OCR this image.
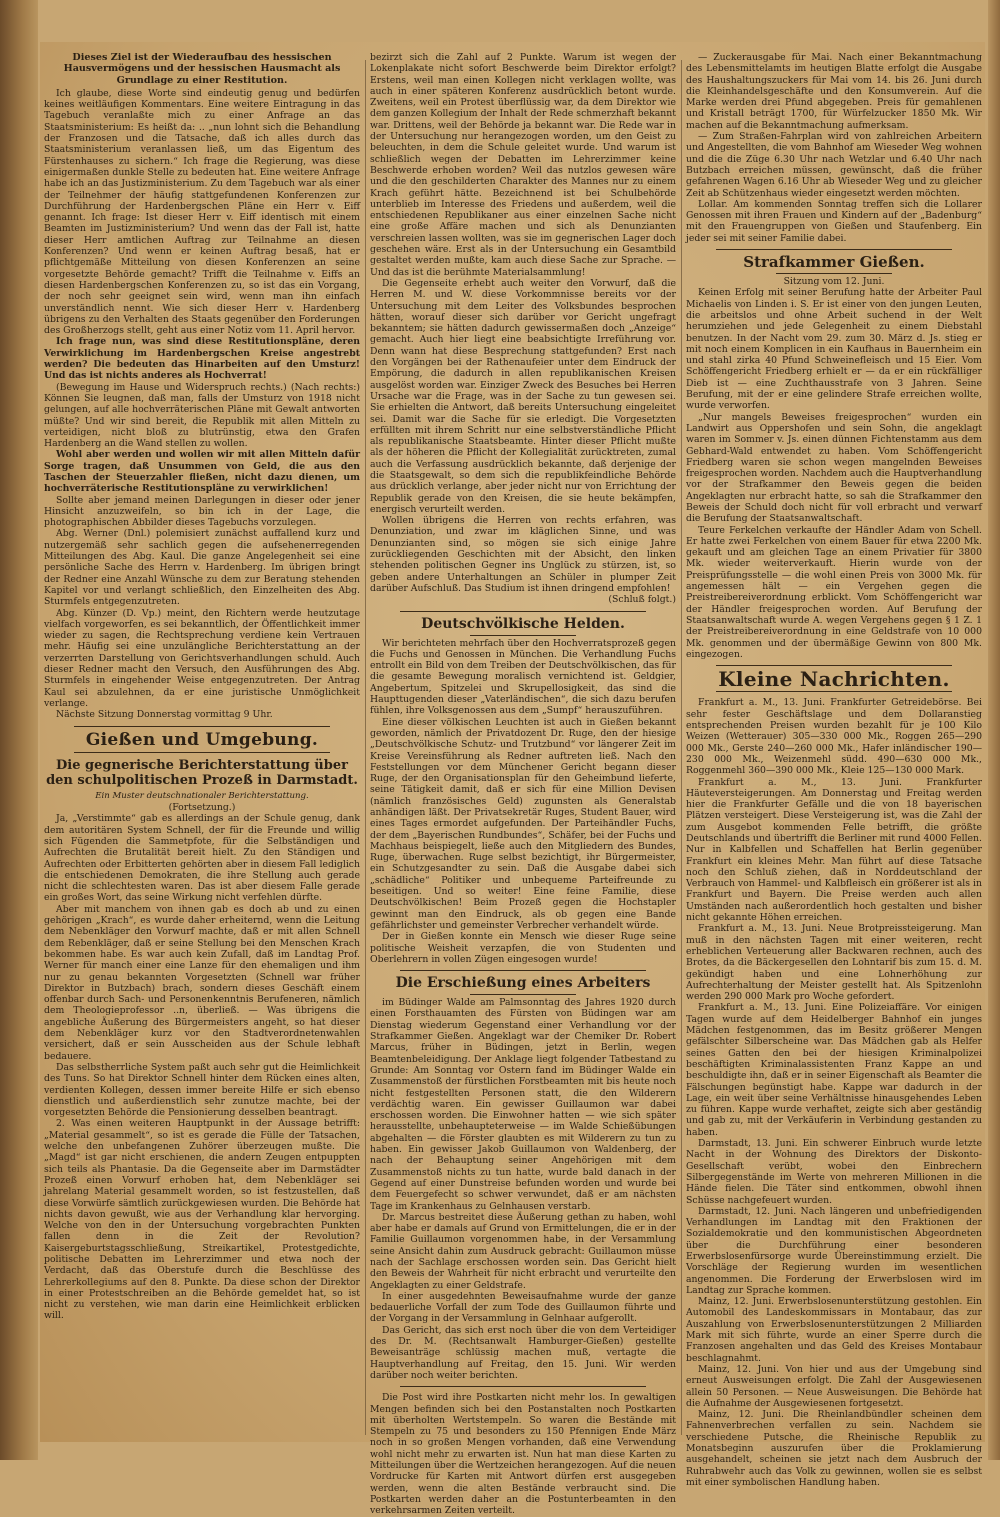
Dieses Ziel ist der Wiederaufbau des hessischen Hausvermögens und der hessischen Hausmacht als Grundlage zu einer Restitution.

Ich glaube, diese Worte sind eindeutig genug und bedürfen keines weitläufigen Kommentars. Eine weitere Eintragung in das Tagebuch veranlaßte mich zu einer Anfrage an das Staatsministerium: Es heißt da: .. „nun lohnt sich die Behandlung der Franzosen und die Tatsache, daß ich alles durch das Staatsministerium veranlassen ließ, um das Eigentum des Fürstenhauses zu sichern.“ Ich frage die Regierung, was diese einigermaßen dunkle Stelle zu bedeuten hat. Eine weitere Anfrage habe ich an das Justizministerium. Zu dem Tagebuch war als einer der Teilnehmer der häufig stattgefundenen Konferenzen zur Durchführung der Hardenbergschen Pläne ein Herr v. Eiff genannt. Ich frage: Ist dieser Herr v. Eiff identisch mit einem Beamten im Justizministerium? Und wenn das der Fall ist, hatte dieser Herr amtlichen Auftrag zur Teilnahme an diesen Konferenzen? Und wenn er keinen Auftrag besaß, hat er pflichtgemäße Mitteilung von diesen Konferenzen an seine vorgesetzte Behörde gemacht? Trifft die Teilnahme v. Eiffs an diesen Hardenbergschen Konferenzen zu, so ist das ein Vorgang, der noch sehr geeignet sein wird, wenn man ihn einfach unverständlich nennt. Wie sich dieser Herr v. Hardenberg übrigens zu den Verhalten des Staats gegenüber den Forderungen des Großherzogs stellt, geht aus einer Notiz vom 11. April hervor.

Ich frage nun, was sind diese Restitutionspläne, deren Verwirklichung im Hardenbergschen Kreise angestrebt werden? Die bedeuten das Hinarbeiten auf den Umsturz! Und das ist nichts anderes als Hochverrat!

(Bewegung im Hause und Widerspruch rechts.) (Nach rechts:) Können Sie leugnen, daß man, falls der Umsturz von 1918 nicht gelungen, auf alle hochverräterischen Pläne mit Gewalt antworten müßte? Und wir sind bereit, die Republik mit allen Mitteln zu verteidigen, nicht bloß zu blutrünstig, etwa den Grafen Hardenberg an die Wand stellen zu wollen.

Wohl aber werden und wollen wir mit allen Mitteln dafür Sorge tragen, daß Unsummen von Geld, die aus den Taschen der Steuerzahler fließen, nicht dazu dienen, um hochverräterische Restitutionspläne zu verwirklichen!

Sollte aber jemand meinen Darlegungen in dieser oder jener Hinsicht anzuzweifeln, so bin ich in der Lage, die photographischen Abbilder dieses Tagebuchs vorzulegen.

Abg. Werner (Dnl.) polemisiert zunächst auffallend kurz und nutzergemäß sehr sachlich gegen die aufsehenerregenden Mitteilungen des Abg. Kaul. Die ganze Angelegenheit sei eine persönliche Sache des Herrn v. Hardenberg. Im übrigen bringt der Redner eine Anzahl Wünsche zu dem zur Beratung stehenden Kapitel vor und verlangt schließlich, den Einzelheiten des Abg. Sturmfels entgegenzutreten.

Abg. Künzer (D. Vp.) meint, den Richtern werde heutzutage vielfach vorgeworfen, es sei bekanntlich, der Öffentlichkeit immer wieder zu sagen, die Rechtsprechung verdiene kein Vertrauen mehr. Häufig sei eine unzulängliche Berichterstattung an der verzerrten Darstellung von Gerichtsverhandlungen schuld. Auch dieser Redner macht den Versuch, den Ausführungen des Abg. Sturmfels in eingehender Weise entgegenzutreten. Der Antrag Kaul sei abzulehnen, da er eine juristische Unmöglichkeit verlange.

Nächste Sitzung Donnerstag vormittag 9 Uhr.

Gießen und Umgebung.
Die gegnerische Berichterstattung über den schulpolitischen Prozeß in Darmstadt.

Ein Muster deutschnationaler Berichterstattung.

(Fortsetzung.)

Ja, „Verstimmte“ gab es allerdings an der Schule genug, dank dem autoritären System Schnell, der für die Freunde und willig sich Fügenden die Sammetpfote, für die Selbständigen und Aufrechten die Brutalität bereit hielt. Zu den Ständigen und Aufrechten oder Erbitterten gehörten aber in diesem Fall lediglich die entschiedenen Demokraten, die ihre Stellung auch gerade nicht die schlechtesten waren. Das ist aber diesem Falle gerade ein großes Wort, das seine Wirkung nicht verfehlen dürfte.

Aber mit manchem von ihnen gab es doch ab und zu einen gehörigen „Krach“, es wurde daher erheiternd, wenn die Leitung dem Nebenkläger den Vorwurf machte, daß er mit allen Schnell dem Rebenkläger, daß er seine Stellung bei den Menschen Krach bekommen habe. Es war auch kein Zufall, daß im Landtag Prof. Werner für manch einer eine Lanze für den ehemaligen und ihm nur zu genau bekannten Vorgesetzten (Schnell war früher Direktor in Butzbach) brach, sondern dieses Geschäft einem offenbar durch Sach- und Personenkenntnis Berufeneren, nämlich dem Theologieprofessor ..n, überließ. — Was übrigens die angebliche Äußerung des Bürgermeisters angeht, so hat dieser dem Nebenkläger kurz vor den Stadtverordnetenwahlen versichert, daß er sein Ausscheiden aus der Schule lebhaft bedauere.

Das selbstherrliche System paßt auch sehr gut die Heimlichkeit des Tuns. So hat Direktor Schnell hinter dem Rücken eines alten, verdienten Kollegen, dessen immer bereite Hilfe er sich ebenso dienstlich und außerdienstlich sehr zunutze machte, bei der vorgesetzten Behörde die Pensionierung desselben beantragt.

2. Was einen weiteren Hauptpunkt in der Aussage betrifft: „Material gesammelt“, so ist es gerade die Fülle der Tatsachen, welche den unbefangenen Zuhörer überzeugen mußte. Die „Magd“ ist gar nicht erschienen, die andern Zeugen entpuppten sich teils als Phantasie. Da die Gegenseite aber im Darmstädter Prozeß einen Vorwurf erhoben hat, dem Nebenkläger sei jahrelang Material gesammelt worden, so ist festzustellen, daß diese Vorwürfe sämtlich zurückgewiesen wurden. Die Behörde hat nichts davon gewußt, wie aus der Verhandlung klar hervorging. Welche von den in der Untersuchung vorgebrachten Punkten fallen denn in die Zeit der Revolution? Kaisergeburtstagsschließung, Streikartikel, Protestgedichte, politische Debatten im Lehrerzimmer und etwa noch der Verdacht, daß das Oberstufe durch die Beschlüsse des Lehrerkollegiums auf den 8. Punkte. Da diese schon der Direktor in einer Protestschreiben an die Behörde gemeldet hat, so ist nicht zu verstehen, wie man darin eine Heimlichkeit erblicken will.

bezirzt sich die Zahl auf 2 Punkte. Warum ist wegen der Lokenplakate nicht sofort Beschwerde beim Direktor erfolgt? Erstens, weil man einen Kollegen nicht verklagen wollte, was auch in einer späteren Konferenz ausdrücklich betont wurde. Zweitens, weil ein Protest überflüssig war, da dem Direktor wie dem ganzen Kollegium der Inhalt der Rede schmerzhaft bekannt war. Drittens, weil der Behörde ja bekannt war. Die Rede war in der Untersuchung nur herangezogen worden, um den Geist zu beleuchten, in dem die Schule geleitet wurde. Und warum ist schließlich wegen der Debatten im Lehrerzimmer keine Beschwerde erhoben worden? Weil das nutzlos gewesen wäre und die den geschilderten Charakter des Mannes nur zu einem Krach geführt hätte. Bezeichnend ist bei Schulbehörde unterblieb im Interesse des Friedens und außerdem, weil die entschiedenen Republikaner aus einer einzelnen Sache nicht eine große Affäre machen und sich als Denunzianten verschreien lassen wollten, was sie im gegnerischen Lager doch geschehen wäre. Erst als in der Untersuchung ein Gesamtbild gestaltet werden mußte, kam auch diese Sache zur Sprache. — Und das ist die berühmte Materialsammlung!

Die Gegenseite erhebt auch weiter den Vorwurf, daß die Herren M. und W. diese Vorkommnisse bereits vor der Untersuchung mit dem Leiter des Volksbundes besprochen hätten, worauf dieser sich darüber vor Gericht ungefragt bekanntem; sie hätten dadurch gewissermaßen doch „Anzeige“ gemacht. Auch hier liegt eine beabsichtigte Irreführung vor. Denn wann hat diese Besprechung stattgefunden? Erst nach den Vorgängen bei der Rathenaufeier unter dem Eindruck der Empörung, die dadurch in allen republikanischen Kreisen ausgelöst worden war. Einziger Zweck des Besuches bei Herren Ursache war die Frage, was in der Sache zu tun gewesen sei. Sie erhielten die Antwort, daß bereits Untersuchung eingeleitet sei. Damit war die Sache für sie erledigt. Die Vorgesetzten erfüllten mit ihrem Schritt nur eine selbstverständliche Pflicht als republikanische Staatsbeamte. Hinter dieser Pflicht mußte als der höheren die Pflicht der Kollegialität zurücktreten, zumal auch die Verfassung ausdrücklich bekannte, daß derjenige der die Staatsgewalt, so dem sich die republikfeindliche Behörde aus drücklich verlange, aber jeder nicht nur von Errichtung der Republik gerade von den Kreisen, die sie heute bekämpfen, energisch verurteilt werden.

Wollen übrigens die Herren von rechts erfahren, was Denunziation, und zwar im kläglichen Sinne, und was Denunzianten sind, so mögen sie sich einige Jahre zurückliegenden Geschichten mit der Absicht, den linken stehenden politischen Gegner ins Unglück zu stürzen, ist, so geben andere Unterhaltungen an Schüler in plumper Zeit darüber Aufschluß. Das Studium ist ihnen dringend empfohlen!

(Schluß folgt.)

Deutschvölkische Helden.

Wir berichteten mehrfach über den Hochverratsprozeß gegen die Fuchs und Genossen in München. Die Verhandlung Fuchs entrollt ein Bild von dem Treiben der Deutschvölkischen, das für die gesamte Bewegung moralisch vernichtend ist. Geldgier, Angebertum, Spitzelei und Skrupellosigkeit, das sind die Haupttugenden dieser „Vaterländischen“, die sich dazu berufen fühlen, ihre Volksgenossen aus dem „Sumpf“ herauszuführen.

Eine dieser völkischen Leuchten ist auch in Gießen bekannt geworden, nämlich der Privatdozent Dr. Ruge, den der hiesige „Deutschvölkische Schutz- und Trutzbund“ vor längerer Zeit im Kreise Vereinsführung als Redner auftreten ließ. Nach den Feststellungen vor dem Münchener Gericht begann dieser Ruge, der den Organisationsplan für den Geheimbund lieferte, seine Tätigkeit damit, daß er sich für eine Million Devisen (nämlich französisches Geld) zugunsten als Generalstab anhändigen läßt. Der Privatsekretär Ruges, Student Bauer, wird eines Tages ermordet aufgefunden. Der Parteihändler Fuchs, der dem „Bayerischen Rundbundes“, Schäfer, bei der Fuchs und Machhaus beispiegelt, ließe auch den Mitgliedern des Bundes, Ruge, überwachen. Ruge selbst bezichtigt, ihr Bürgermeister, ein Schutzgesandter zu sein. Daß die Ausgabe dabei sich „schädliche“ Politiker und unbequeme Parteifreunde zu beseitigen. Und so weiter! Eine feine Familie, diese Deutschvölkischen! Beim Prozeß gegen die Hochstapler gewinnt man den Eindruck, als ob gegen eine Bande gefährlichster und gemeinster Verbrecher verhandelt würde.

Der in Gießen konnte ein Mensch wie dieser Ruge seine politische Weisheit verzapfen, die von Studenten und Oberlehrern in vollen Zügen eingesogen wurde!

Die Erschießung eines Arbeiters

im Büdinger Walde am Palmsonntag des Jahres 1920 durch einen Forsthauamten des Fürsten von Büdingen war am Dienstag wiederum Gegenstand einer Verhandlung vor der Strafkammer Gießen. Angeklagt war der Chemiker Dr. Robert Marcus, früher in Büdingen, jetzt in Berlin, wegen Beamtenbeleidigung. Der Anklage liegt folgender Tatbestand zu Grunde: Am Sonntag vor Ostern fand im Büdinger Walde ein Zusammenstoß der fürstlichen Forstbeamten mit bis heute noch nicht festgestellten Personen statt, die den Wilderern verdächtig waren. Ein gewisser Guillaumon war dabei erschossen worden. Die Einwohner hatten — wie sich später herausstellte, unbehaupteterweise — im Walde Schießübungen abgehalten — die Förster glaubten es mit Wilderern zu tun zu haben. Ein gewisser Jakob Guillaumon von Waldenberg, der nach der Behauptung seiner Angehörigen mit dem Zusammenstoß nichts zu tun hatte, wurde bald danach in der Gegend auf einer Dunstreise befunden worden und wurde bei dem Feuergefecht so schwer verwundet, daß er am nächsten Tage im Krankenhaus zu Gelnhausen verstarb.

Dr. Marcus bestreitet diese Äußerung gethan zu haben, wohl aber habe er damals auf Grund von Ermittelungen, die er in der Familie Guillaumon vorgenommen habe, in der Versammlung seine Ansicht dahin zum Ausdruck gebracht: Guillaumon müsse nach der Sachlage erschossen worden sein. Das Gericht hielt den Beweis der Wahrheit für nicht erbracht und verurteilte den Angeklagten zu einer Geldstrafe.

In einer ausgedehnten Beweisaufnahme wurde der ganze bedauerliche Vorfall der zum Tode des Guillaumon führte und der Vorgang in der Versammlung in Gelnhaar aufgerollt.

Das Gericht, das sich erst noch über die von dem Verteidiger des Dr. M. (Rechtsanwalt Hamburger-Gießen) gestellte Beweisanträge schlüssig machen muß, vertagte die Hauptverhandlung auf Freitag, den 15. Juni. Wir werden darüber noch weiter berichten.

Die Post wird ihre Postkarten nicht mehr los. In gewaltigen Mengen befinden sich bei den Postanstalten noch Postkarten mit überholten Wertstempeln. So waren die Bestände mit Stempeln zu 75 und besonders zu 150 Pfennigen Ende März noch in so großen Mengen vorhanden, daß eine Verwendung wohl nicht mehr zu erwarten ist. Nun hat man diese Karten zu Mitteilungen über die Wertzeichen herangezogen. Auf die neuen Vordrucke für Karten mit Antwort dürfen erst ausgegeben werden, wenn die alten Bestände verbraucht sind. Die Postkarten werden daher an die Postunterbeamten in den verkehrsarmen Zeiten verteilt.

— Zuckerausgabe für Mai. Nach einer Bekanntmachung des Lebensmittelamts im heutigen Blatte erfolgt die Ausgabe des Haushaltungszuckers für Mai vom 14. bis 26. Juni durch die Kleinhandelsgeschäfte und den Konsumverein. Auf die Marke werden drei Pfund abgegeben. Preis für gemahlenen und Kristall beträgt 1700, für Würfelzucker 1850 Mk. Wir machen auf die Bekanntmachung aufmerksam.

— Zum Straßen-Fahrplan wird von zahlreichen Arbeitern und Angestellten, die vom Bahnhof am Wieseder Weg wohnen und die die Züge 6.30 Uhr nach Wetzlar und 6.40 Uhr nach Butzbach erreichen müssen, gewünscht, daß die früher gefahrenen Wagen 6.16 Uhr ab Wieseder Weg und zu gleicher Zeit ab Schützenhaus wieder eingesetzt werden möchten.

Lollar. Am kommenden Sonntag treffen sich die Lollarer Genossen mit ihren Frauen und Kindern auf der „Badenburg“ mit den Frauengruppen von Gießen und Staufenberg. Ein jeder sei mit seiner Familie dabei.

Strafkammer Gießen.

Sitzung vom 12. Juni.

Keinen Erfolg mit seiner Berufung hatte der Arbeiter Paul Michaelis von Linden i. S. Er ist einer von den jungen Leuten, die arbeitslos und ohne Arbeit suchend in der Welt herumziehen und jede Gelegenheit zu einem Diebstahl benutzen. In der Nacht vom 29. zum 30. März d. Js. stieg er mit noch einem Komplicen in ein Kaufhaus in Bauernheim ein und stahl zirka 40 Pfund Schweinefleisch und 15 Eier. Vom Schöffengericht Friedberg erhielt er — da er ein rückfälliger Dieb ist — eine Zuchthausstrafe von 3 Jahren. Seine Berufung, mit der er eine gelindere Strafe erreichen wollte, wurde verworfen.

„Nur mangels Beweises freigesprochen“ wurden ein Landwirt aus Oppershofen und sein Sohn, die angeklagt waren im Sommer v. Js. einen dünnen Fichtenstamm aus dem Gebhard-Wald entwendet zu haben. Vom Schöffengericht Friedberg waren sie schon wegen mangelnden Beweises freigesprochen worden. Nachdem auch die Hauptverhandlung vor der Strafkammer den Beweis gegen die beiden Angeklagten nur erbracht hatte, so sah die Strafkammer den Beweis der Schuld doch nicht für voll erbracht und verwarf die Berufung der Staatsanwaltschaft.

Teure Ferkelchen verkaufte der Händler Adam von Schell. Er hatte zwei Ferkelchen von einem Bauer für etwa 2200 Mk. gekauft und am gleichen Tage an einem Privatier für 3800 Mk. wieder weiterverkauft. Hierin wurde von der Preisprüfungsstelle — die wohl einen Preis von 3000 Mk. für angemessen hält — ein Vergehen gegen die Preistreibereiverordnung erblickt. Vom Schöffengericht war der Händler freigesprochen worden. Auf Berufung der Staatsanwaltschaft wurde A. wegen Vergehens gegen § 1 Z. 1 der Preistreibereiverordnung in eine Geldstrafe von 10 000 Mk. genommen und der übermäßige Gewinn von 800 Mk. eingezogen.

Kleine Nachrichten.

Frankfurt a. M., 13. Juni. Frankfurter Getreidebörse. Bei sehr fester Geschäftslage und dem Dollaranstieg entsprechenden Preisen wurden bezahlt für je 100 Kilo Weizen (Wetterauer) 305—330 000 Mk., Roggen 265—290 000 Mk., Gerste 240—260 000 Mk., Hafer inländischer 190—230 000 Mk., Weizenmehl südd. 490—630 000 Mk., Roggenmehl 360—390 000 Mk., Kleie 125—130 000 Mark.

Frankfurt a. M., 13. Juni. Frankfurter Häuteversteigerungen. Am Donnerstag und Freitag werden hier die Frankfurter Gefälle und die von 18 bayerischen Plätzen versteigert. Diese Versteigerung ist, was die Zahl der zum Ausgebot kommenden Felle betrifft, die größte Deutschlands und übertrifft die Berliner mit rund 4000 Fellen. Nur in Kalbfellen und Schaffellen hat Berlin gegenüber Frankfurt ein kleines Mehr. Man führt auf diese Tatsache noch den Schluß ziehen, daß in Norddeutschland der Verbrauch von Hammel- und Kalbfleisch ein größerer ist als in Frankfurt und Bayern. Die Preise werden auch allen Umständen nach außerordentlich hoch gestalten und bisher nicht gekannte Höhen erreichen.

Frankfurt a. M., 13. Juni. Neue Brotpreissteigerung. Man muß in den nächsten Tagen mit einer weiteren, recht erheblichen Verteuerung aller Backwaren rechnen, auch des Brotes, da die Bäckergesellen den Lohntarif bis zum 15. d. M. gekündigt haben und eine Lohnerhöhung zur Aufrechterhaltung der Meister gestellt hat. Als Spitzenlohn werden 290 000 Mark pro Woche gefordert.

Frankfurt a. M., 13. Juni. Eine Polizeiaffäre. Vor einigen Tagen wurde auf dem Heidelberger Bahnhof ein junges Mädchen festgenommen, das im Besitz größerer Mengen gefälschter Silberscheine war. Das Mädchen gab als Helfer seines Gatten den bei der hiesigen Kriminalpolizei beschäftigten Kriminalassistenten Franz Kappe an und beschuldigte ihn, daß er in seiner Eigenschaft als Beamter die Fälschungen begünstigt habe. Kappe war dadurch in der Lage, ein weit über seine Verhältnisse hinausgehendes Leben zu führen. Kappe wurde verhaftet, zeigte sich aber geständig und gab zu, mit der Verkäuferin in Verbindung gestanden zu haben.

Darmstadt, 13. Juni. Ein schwerer Einbruch wurde letzte Nacht in der Wohnung des Direktors der Diskonto-Gesellschaft verübt, wobei den Einbrechern Silbergegenstände im Werte von mehreren Millionen in die Hände fielen. Die Täter sind entkommen, obwohl ihnen Schüsse nachgefeuert wurden.

Darmstadt, 12. Juni. Nach längeren und unbefriedigenden Verhandlungen im Landtag mit den Fraktionen der Sozialdemokratie und den kommunistischen Abgeordneten über die Durchführung einer besonderen Erwerbslosenfürsorge wurde Übereinstimmung erzielt. Die Vorschläge der Regierung wurden im wesentlichen angenommen. Die Forderung der Erwerbslosen wird im Landtag zur Sprache kommen.

Mainz, 12. Juni. Erwerbslosenunterstützung gestohlen. Ein Automobil des Landeskommissars in Montabaur, das zur Auszahlung von Erwerbslosenunterstützungen 2 Milliarden Mark mit sich führte, wurde an einer Sperre durch die Franzosen angehalten und das Geld des Kreises Montabaur beschlagnahmt.

Mainz, 12. Juni. Von hier und aus der Umgebung sind erneut Ausweisungen erfolgt. Die Zahl der Ausgewiesenen allein 50 Personen. — Neue Ausweisungen. Die Behörde hat die Aufnahme der Ausgewiesenen fortgesetzt.

Mainz, 12. Juni. Die Rheinlandbündler scheinen dem Fahnenverbrechen verfallen zu sein. Nachdem sie verschiedene Putsche, die Rheinische Republik zu Monatsbeginn auszurufen über die Proklamierung ausgehandelt, scheinen sie jetzt nach dem Ausbruch der Ruhrabwehr auch das Volk zu gewinnen, wollen sie es selbst mit einer symbolischen Handlung haben.
